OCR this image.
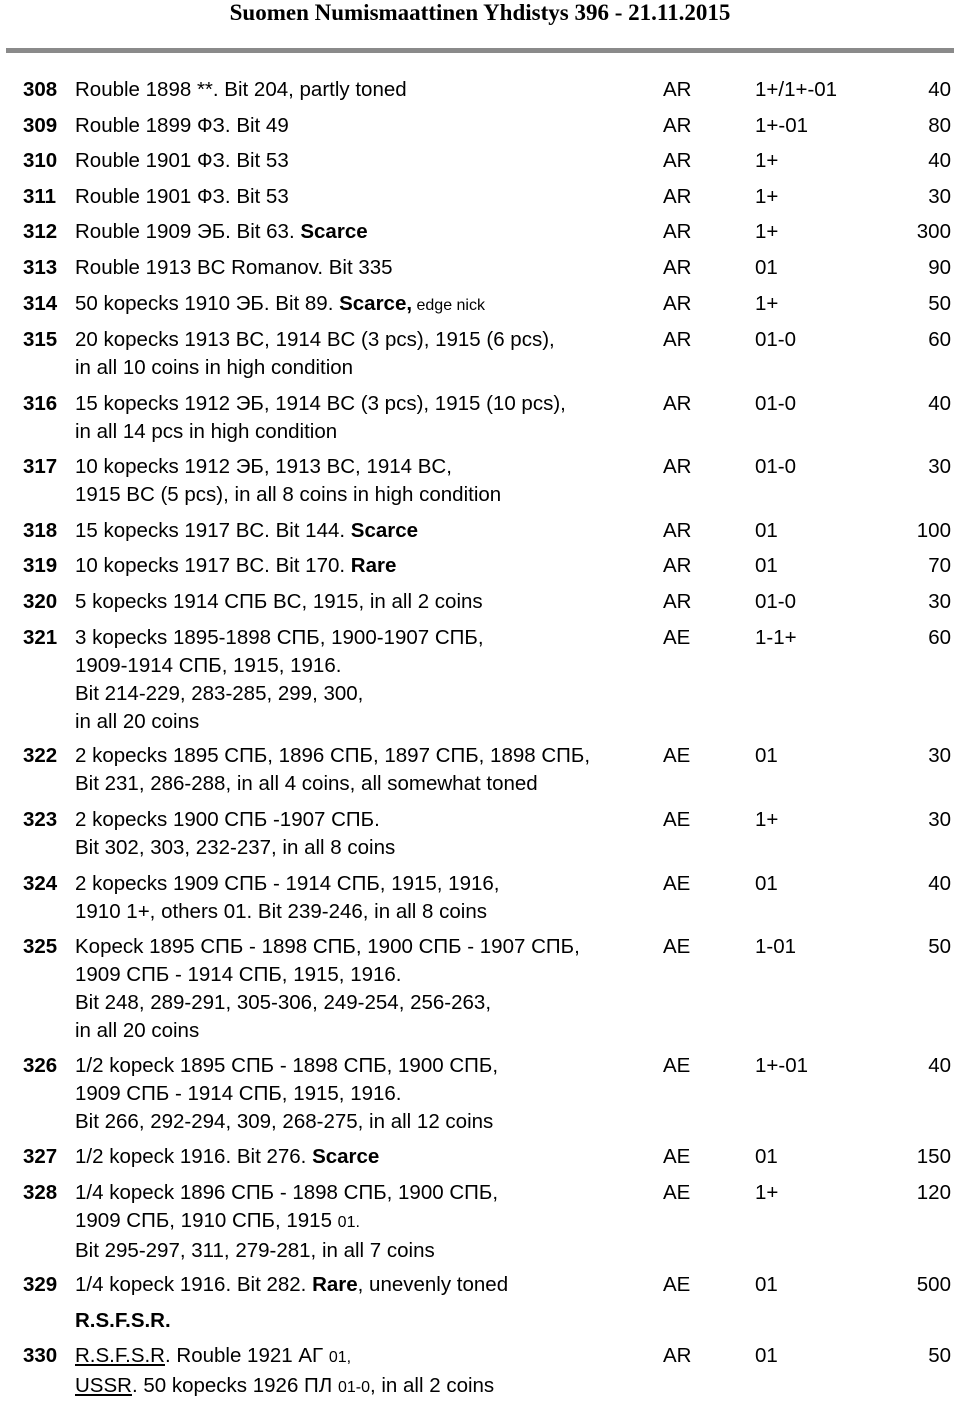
Suomen Numismaattinen Yhdistys 396 - 21.11.2015
308 Rouble 1898 **. Bit 204, partly toned	AR	1+/1+-01	40
309 Rouble 1899 ФЗ. Bit 49	AR	1+-01	80
310 Rouble 1901 ФЗ. Bit 53	AR	1+	40
311 Rouble 1901 ФЗ. Bit 53	AR	1+	30
312 Rouble 1909 ЭБ. Bit 63. Scarce	AR	1+	300
313 Rouble 1913 BC Romanov. Bit 335	AR	01	90
314 50 kopecks 1910 ЭБ. Bit 89. Scarce, edge nick	AR	1+	50
315 20 kopecks 1913 BC, 1914 BC (3 pcs), 1915 (6 pcs),
in all 10 coins in high condition
AR	01-0	60
316 15 kopecks 1912 ЭБ, 1914 BC (3 pcs), 1915 (10 pcs),
in all 14 pcs in high condition
AR	01-0	40
317 10 kopecks 1912 ЭБ, 1913 BC, 1914 BC,
1915 BC (5 pcs), in all 8 coins in high condition
AR	01-0	30
318 15 kopecks 1917 BC. Bit 144. Scarce	AR	01	100
319 10 kopecks 1917 BC. Bit 170. Rare	AR	01	70
320 5 kopecks 1914 СПБ BC, 1915, in all 2 coins	AR	01-0	30
321 3 kopecks 1895-1898 СПБ, 1900-1907 СПБ,
1909-1914 СПБ, 1915, 1916.
Bit 214-229, 283-285, 299, 300,
in all 20 coins
AE	1-1+	60
322 2 kopecks 1895 СПБ, 1896 СПБ, 1897 СПБ, 1898 СПБ,
Bit 231, 286-288, in all 4 coins, all somewhat toned
AE	01	30
323 2 kopecks 1900 СПБ -1907 СПБ.
Bit 302, 303, 232-237, in all 8 coins
AE	1+	30
324 2 kopecks 1909 СПБ - 1914 СПБ, 1915, 1916,
1910 1+, others 01. Bit 239-246, in all 8 coins
AE	01	40
325 Kopeck 1895 СПБ - 1898 СПБ, 1900 СПБ - 1907 СПБ,
1909 СПБ - 1914 СПБ, 1915, 1916.
Bit 248, 289-291, 305-306, 249-254, 256-263,
in all 20 coins
AE	1-01	50
326 1/2 kopeck 1895 СПБ - 1898 СПБ, 1900 СПБ,
1909 СПБ - 1914 СПБ, 1915, 1916.
Bit 266, 292-294, 309, 268-275, in all 12 coins
AE	1+-01	40
327 1/2 kopeck 1916. Bit 276. Scarce	AE	01	150
328 1/4 kopeck 1896 СПБ - 1898 СПБ, 1900 СПБ,
1909 СПБ, 1910 СПБ, 1915 01.
Bit 295-297, 311, 279-281, in all 7 coins
AE	1+	120
329 1/4 kopeck 1916. Bit 282. Rare, unevenly toned	AE	01	500
330 R.S.F.S.R. Rouble 1921 АГ 01,
USSR. 50 kopecks 1926 ПЛ 01-0, in all 2 coins
AR	01	50
R.S.F.S.R.
